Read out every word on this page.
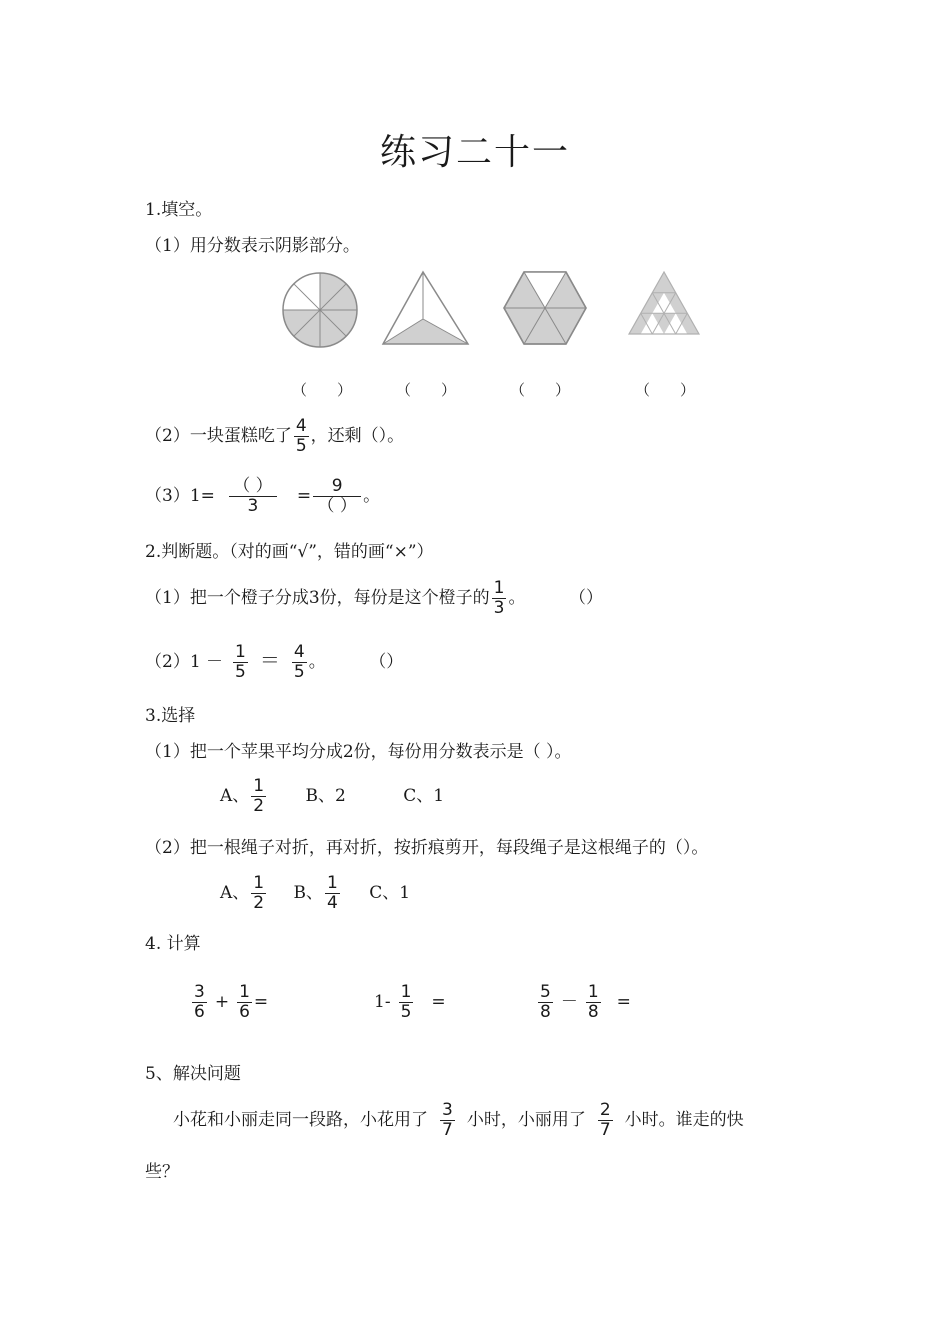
练习二十一
1.填空。
（1）用分数表示阴影部分。
（　　）	（　　）	（　　）	（　　）
（2）一块蛋糕吃了 $\frac{4}{5}$ ，还剩（）。
$(3)1= \frac{( )}{3} = \frac{9}{( )}$ 。
2.判断题。（对的画“√”，错的画“×”）
（1）把一个橙子分成3份，每份是这个橙子的 $\frac{1}{3}$ 。	（）
$(2)1 - \frac{1}{5} = \frac{4}{5}$ 。	（）
3.选择
（1）把一个苹果平均分成2份，每份用分数表示是（ ）。
A、 $\frac{1}{2}$ B、2	C、1
（2）把一根绳子对折，再对折，按折痕剪开，每段绳子是这根绳子的（）。
A、 $\frac{1}{2}$ B、 $\frac{1}{4}$ C、1
4. 计算
$\frac{3}{6} + \frac{1}{6}$ =	$1- \frac{1}{5}$ =	$\frac{5}{8} - \frac{1}{8}$ =
5、解决问题
小花和小丽走同一段路，小花用了 $\frac{3}{7}$ 小时，小丽用了 $\frac{2}{7}$ 小时。谁走的快
些？
